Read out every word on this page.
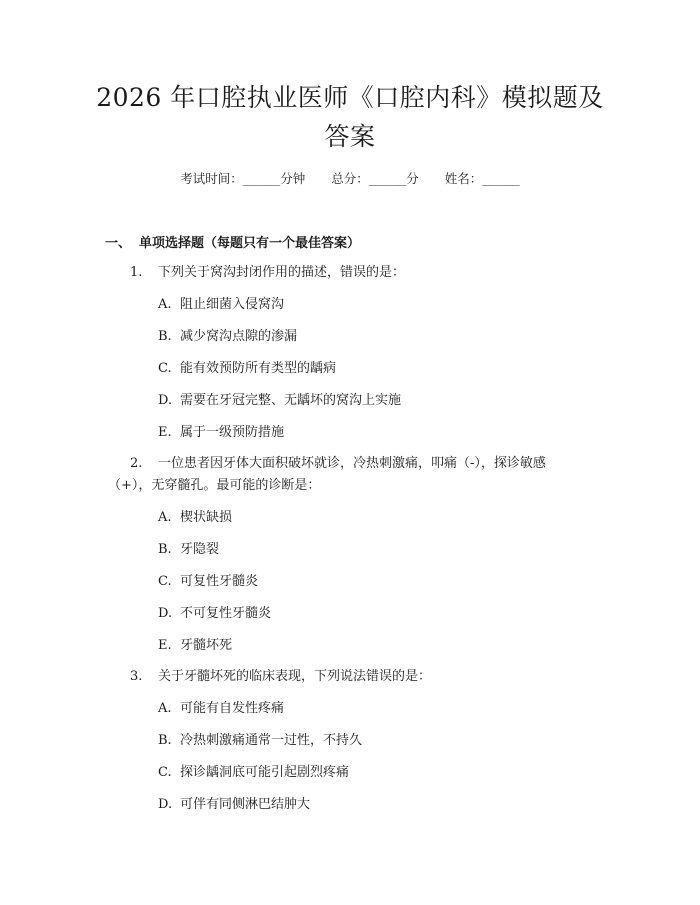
2026 年口腔执业医师《口腔内科》模拟题及
答案
考试时间：______分钟 总分：______分 姓名：______
一、 单项选择题（每题只有一个最佳答案）
1. 下列关于窝沟封闭作用的描述，错误的是：
A. 阻止细菌入侵窝沟
B. 减少窝沟点隙的渗漏
C. 能有效预防所有类型的龋病
D. 需要在牙冠完整、无龋坏的窝沟上实施
E. 属于一级预防措施
2. 一位患者因牙体大面积破坏就诊，冷热刺激痛，叩痛（-），探诊敏感
（+），无穿髓孔。最可能的诊断是：
A. 楔状缺损
B. 牙隐裂
C. 可复性牙髓炎
D. 不可复性牙髓炎
E. 牙髓坏死
3. 关于牙髓坏死的临床表现，下列说法错误的是：
A. 可能有自发性疼痛
B. 冷热刺激痛通常一过性，不持久
C. 探诊龋洞底可能引起剧烈疼痛
D. 可伴有同侧淋巴结肿大
